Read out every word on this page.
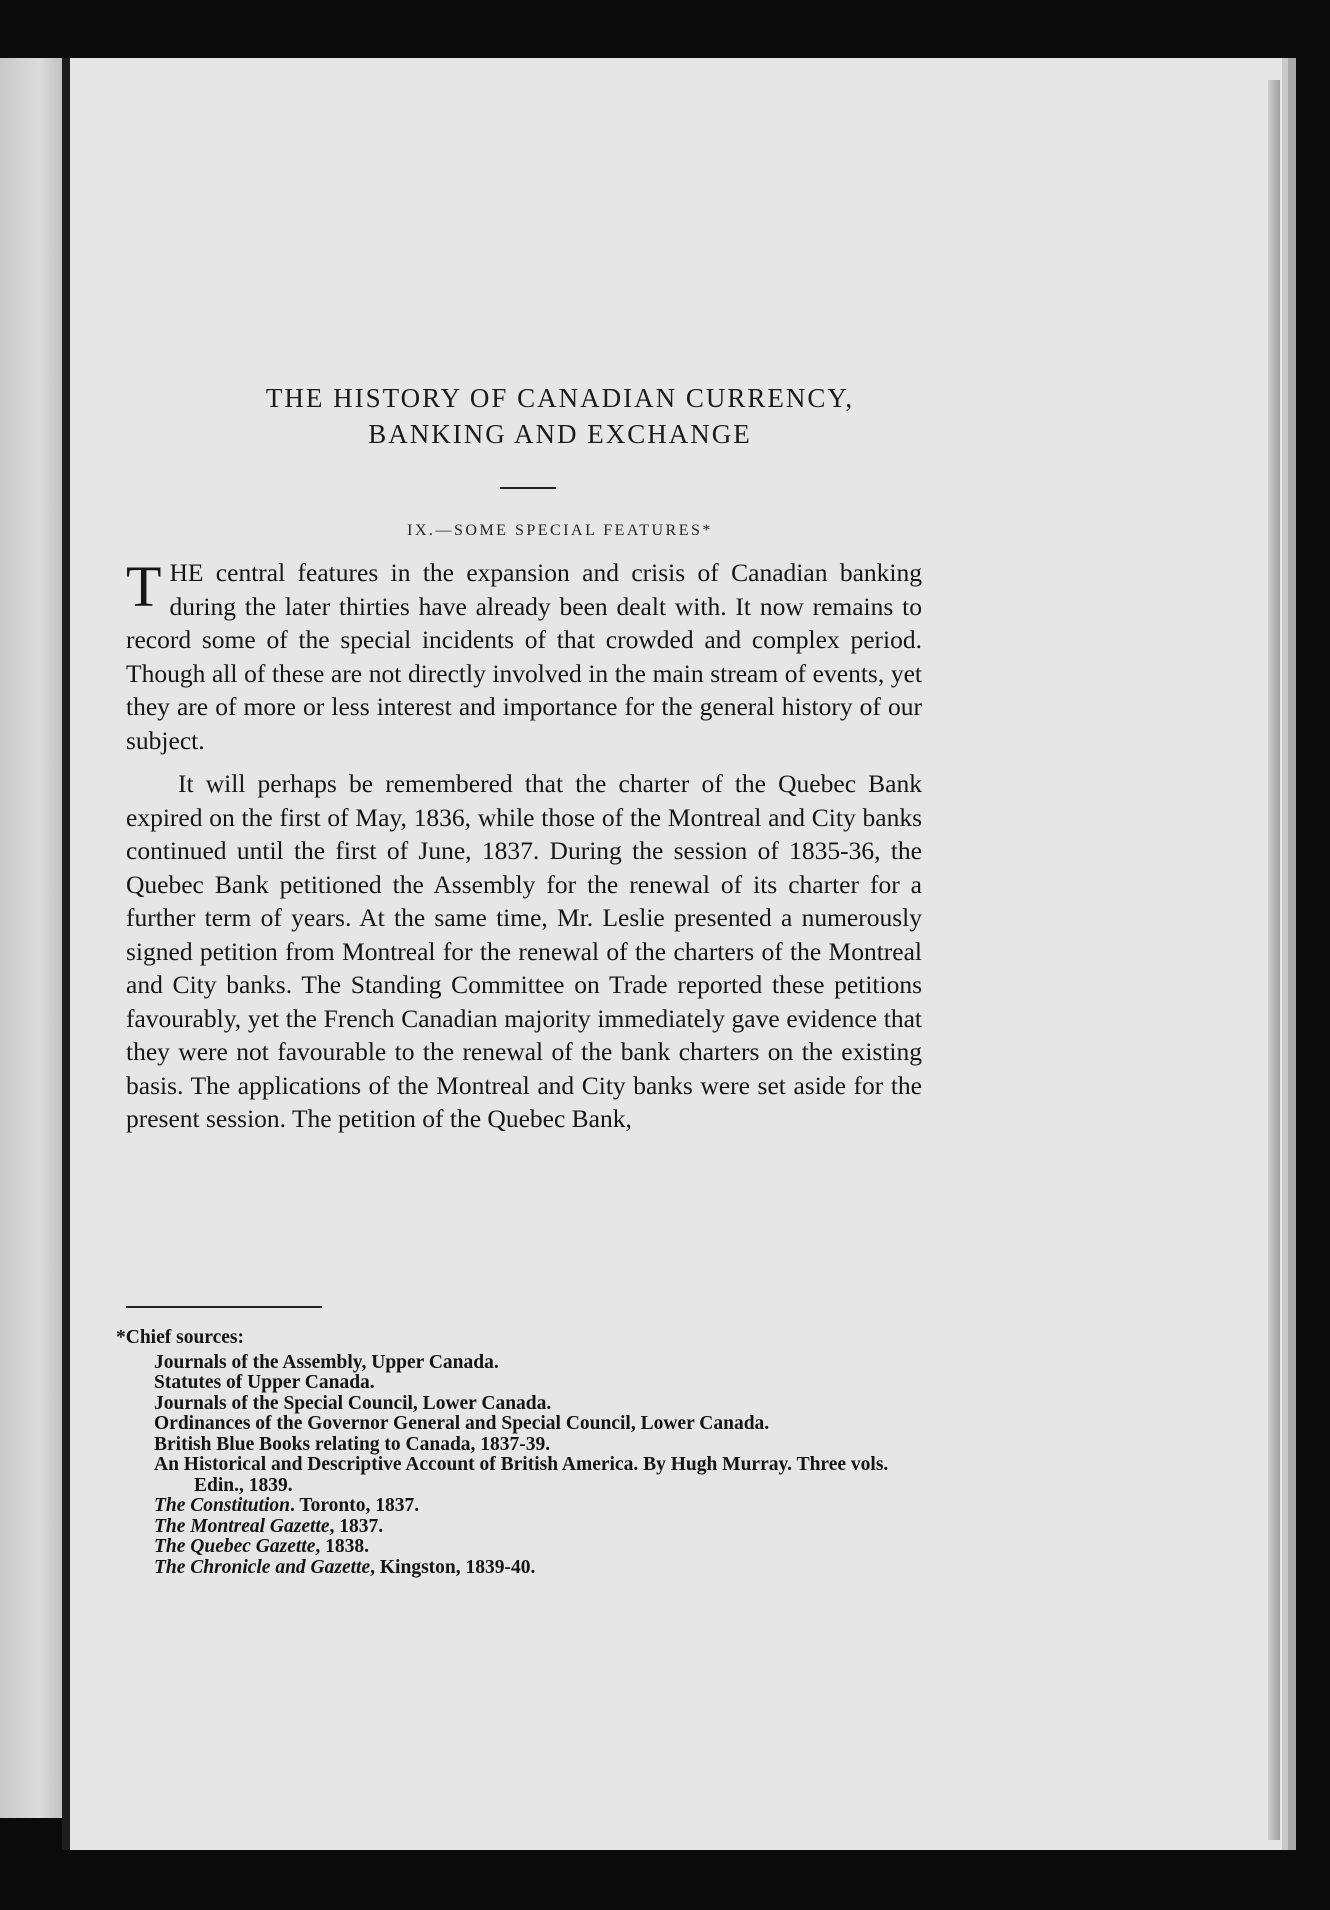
THE HISTORY OF CANADIAN CURRENCY,
BANKING AND EXCHANGE
IX.—SOME SPECIAL FEATURES*

THE central features in the expansion and crisis of Canadian banking during the later thirties have already been dealt with. It now remains to record some of the special incidents of that crowded and complex period. Though all of these are not directly involved in the main stream of events, yet they are of more or less interest and importance for the general history of our subject.

It will perhaps be remembered that the charter of the Quebec Bank expired on the first of May, 1836, while those of the Montreal and City banks continued until the first of June, 1837. During the session of 1835-36, the Quebec Bank petitioned the Assembly for the renewal of its charter for a further term of years. At the same time, Mr. Leslie presented a numerously signed petition from Montreal for the renewal of the charters of the Montreal and City banks. The Standing Committee on Trade reported these petitions favourably, yet the French Canadian majority immediately gave evidence that they were not favourable to the renewal of the bank charters on the existing basis. The applications of the Montreal and City banks were set aside for the present session. The petition of the Quebec Bank,

*Chief sources:
Journals of the Assembly, Upper Canada.
Statutes of Upper Canada.
Journals of the Special Council, Lower Canada.
Ordinances of the Governor General and Special Council, Lower Canada.
British Blue Books relating to Canada, 1837-39.
An Historical and Descriptive Account of British America. By Hugh Murray. Three vols. Edin., 1839.
The Constitution. Toronto, 1837.
The Montreal Gazette, 1837.
The Quebec Gazette, 1838.
The Chronicle and Gazette, Kingston, 1839-40.
